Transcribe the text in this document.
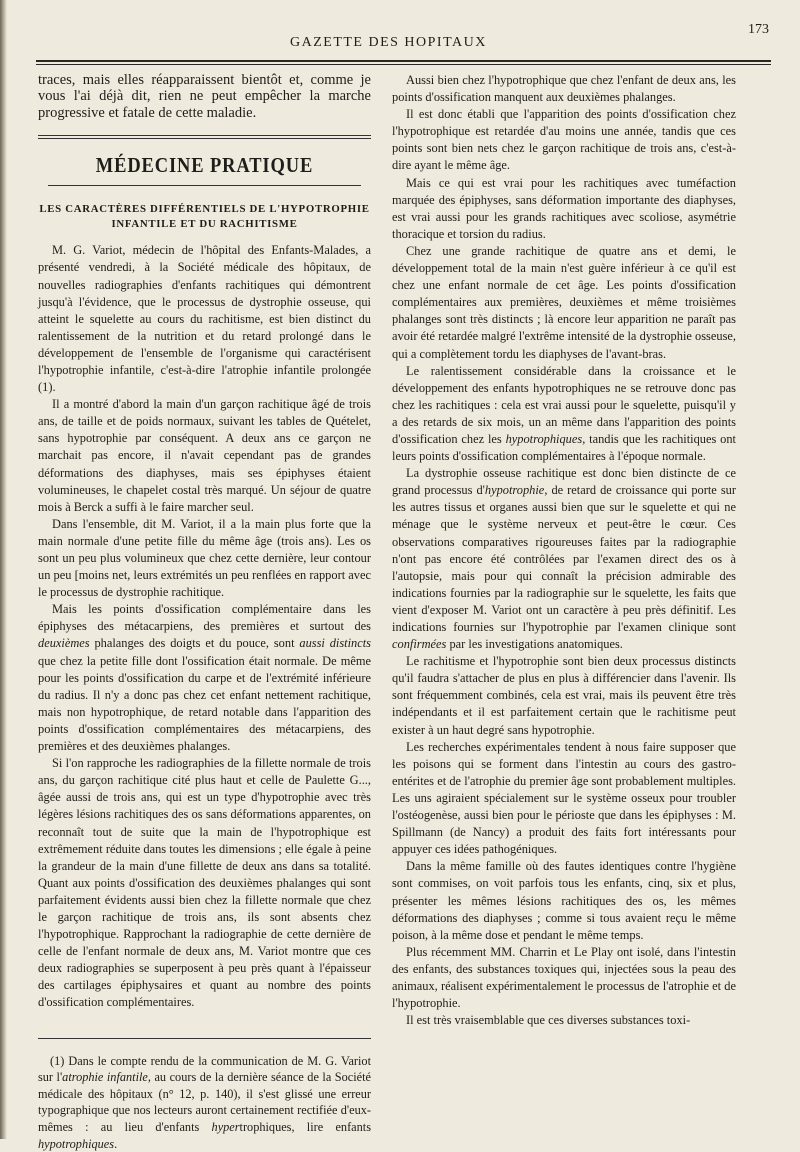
GAZETTE DES HOPITAUX
173

traces, mais elles réapparaissent bientôt et, comme je vous l'ai déjà dit, rien ne peut empêcher la marche progressive et fatale de cette maladie.

MÉDECINE PRATIQUE
LES CARACTÈRES DIFFÉRENTIELS DE L'HYPOTROPHIE INFANTILE ET DU RACHITISME

M. G. Variot, médecin de l'hôpital des Enfants-Malades, a présenté vendredi, à la Société médicale des hôpitaux, de nouvelles radiographies d'enfants rachitiques qui démontrent jusqu'à l'évidence, que le processus de dystrophie osseuse, qui atteint le squelette au cours du rachitisme, est bien distinct du ralentissement de la nutrition et du retard prolongé dans le développement de l'ensemble de l'organisme qui caractérisent l'hypotrophie infantile, c'est-à-dire l'atrophie infantile prolongée (1).

Il a montré d'abord la main d'un garçon rachitique âgé de trois ans, de taille et de poids normaux, suivant les tables de Quételet, sans hypotrophie par conséquent. A deux ans ce garçon ne marchait pas encore, il n'avait cependant pas de grandes déformations des diaphyses, mais ses épiphyses étaient volumineuses, le chapelet costal très marqué. Un séjour de quatre mois à Berck a suffi à le faire marcher seul.

Dans l'ensemble, dit M. Variot, il a la main plus forte que la main normale d'une petite fille du même âge (trois ans). Les os sont un peu plus volumineux que chez cette dernière, leur contour un peu [moins net, leurs extrémités un peu renflées en rapport avec le processus de dystrophie rachitique.

Mais les points d'ossification complémentaire dans les épiphyses des métacarpiens, des premières et surtout des deuxièmes phalanges des doigts et du pouce, sont aussi distincts que chez la petite fille dont l'ossification était normale. De même pour les points d'ossification du carpe et de l'extrémité inférieure du radius. Il n'y a donc pas chez cet enfant nettement rachitique, mais non hypotrophique, de retard notable dans l'apparition des points d'ossification complémentaires des métacarpiens, des premières et des deuxièmes phalanges.

Si l'on rapproche les radiographies de la fillette normale de trois ans, du garçon rachitique cité plus haut et celle de Paulette G..., âgée aussi de trois ans, qui est un type d'hypotrophie avec très légères lésions rachitiques des os sans déformations apparentes, on reconnaît tout de suite que la main de l'hypotrophique est extrêmement réduite dans toutes les dimensions ; elle égale à peine la grandeur de la main d'une fillette de deux ans dans sa totalité. Quant aux points d'ossification des deuxièmes phalanges qui sont parfaitement évidents aussi bien chez la fillette normale que chez le garçon rachitique de trois ans, ils sont absents chez l'hypotrophique. Rapprochant la radiographie de cette dernière de celle de l'enfant normale de deux ans, M. Variot montre que ces deux radiographies se superposent à peu près quant à l'épaisseur des cartilages épiphysaires et quant au nombre des points d'ossification complémentaires.

(1) Dans le compte rendu de la communication de M. G. Variot sur l'atrophie infantile, au cours de la dernière séance de la Société médicale des hôpitaux (n° 12, p. 140), il s'est glissé une erreur typographique que nos lecteurs auront certainement rectifiée d'eux-mêmes : au lieu d'enfants hypertrophiques, lire enfants hypotrophiques.

Aussi bien chez l'hypotrophique que chez l'enfant de deux ans, les points d'ossification manquent aux deuxièmes phalanges.

Il est donc établi que l'apparition des points d'ossification chez l'hypotrophique est retardée d'au moins une année, tandis que ces points sont bien nets chez le garçon rachitique de trois ans, c'est-à-dire ayant le même âge.

Mais ce qui est vrai pour les rachitiques avec tuméfaction marquée des épiphyses, sans déformation importante des diaphyses, est vrai aussi pour les grands rachitiques avec scoliose, asymétrie thoracique et torsion du radius.

Chez une grande rachitique de quatre ans et demi, le développement total de la main n'est guère inférieur à ce qu'il est chez une enfant normale de cet âge. Les points d'ossification complémentaires aux premières, deuxièmes et même troisièmes phalanges sont très distincts ; là encore leur apparition ne paraît pas avoir été retardée malgré l'extrême intensité de la dystrophie osseuse, qui a complètement tordu les diaphyses de l'avant-bras.

Le ralentissement considérable dans la croissance et le développement des enfants hypotrophiques ne se retrouve donc pas chez les rachitiques : cela est vrai aussi pour le squelette, puisqu'il y a des retards de six mois, un an même dans l'apparition des points d'ossification chez les hypotrophiques, tandis que les rachitiques ont leurs points d'ossification complémentaires à l'époque normale.

La dystrophie osseuse rachitique est donc bien distincte de ce grand processus d'hypotrophie, de retard de croissance qui porte sur les autres tissus et organes aussi bien que sur le squelette et qui ne ménage que le système nerveux et peut-être le cœur. Ces observations comparatives rigoureuses faites par la radiographie n'ont pas encore été contrôlées par l'examen direct des os à l'autopsie, mais pour qui connaît la précision admirable des indications fournies par la radiographie sur le squelette, les faits que vient d'exposer M. Variot ont un caractère à peu près définitif. Les indications fournies sur l'hypotrophie par l'examen clinique sont confirmées par les investigations anatomiques.

Le rachitisme et l'hypotrophie sont bien deux processus distincts qu'il faudra s'attacher de plus en plus à différencier dans l'avenir. Ils sont fréquemment combinés, cela est vrai, mais ils peuvent être très indépendants et il est parfaitement certain que le rachitisme peut exister à un haut degré sans hypotrophie.

Les recherches expérimentales tendent à nous faire supposer que les poisons qui se forment dans l'intestin au cours des gastro-entérites et de l'atrophie du premier âge sont probablement multiples. Les uns agiraient spécialement sur le système osseux pour troubler l'ostéogenèse, aussi bien pour le périoste que dans les épiphyses : M. Spillmann (de Nancy) a produit des faits fort intéressants pour appuyer ces idées pathogéniques.

Dans la même famille où des fautes identiques contre l'hygiène sont commises, on voit parfois tous les enfants, cinq, six et plus, présenter les mêmes lésions rachitiques des os, les mêmes déformations des diaphyses ; comme si tous avaient reçu le même poison, à la même dose et pendant le même temps.

Plus récemment MM. Charrin et Le Play ont isolé, dans l'intestin des enfants, des substances toxiques qui, injectées sous la peau des animaux, réalisent expérimentalement le processus de l'atrophie et de l'hypotrophie.

Il est très vraisemblable que ces diverses substances toxi-
